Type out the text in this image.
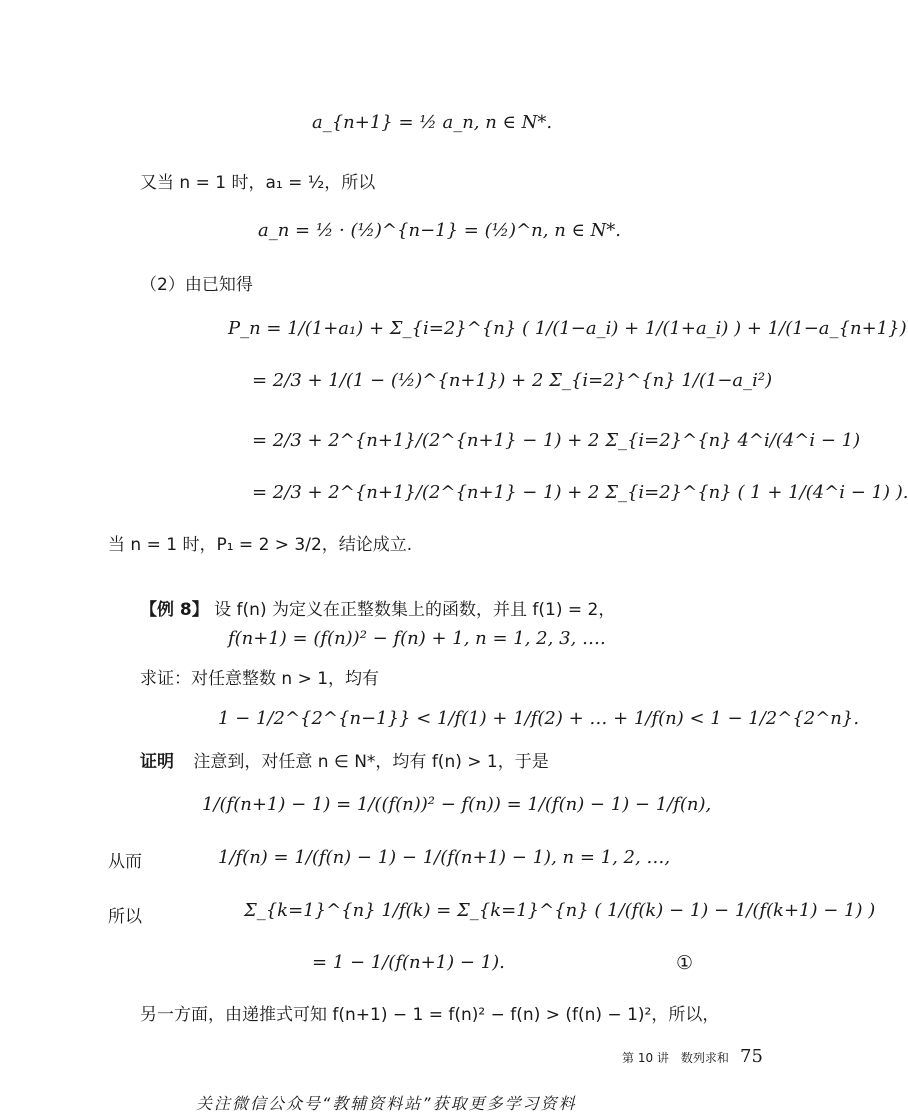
a_{n+1} = ½ a_n, n ∈ N*.
又当 n = 1 时，a₁ = ½，所以
a_n = ½ · (½)^{n−1} = (½)^n, n ∈ N*.
（2）由已知得
P_n = 1/(1+a₁) + Σ_{i=2}^{n} ( 1/(1−a_i) + 1/(1+a_i) ) + 1/(1−a_{n+1})
= 2/3 + 1/(1 − (½)^{n+1}) + 2 Σ_{i=2}^{n} 1/(1−a_i²)
= 2/3 + 2^{n+1}/(2^{n+1} − 1) + 2 Σ_{i=2}^{n} 4^i/(4^i − 1)
= 2/3 + 2^{n+1}/(2^{n+1} − 1) + 2 Σ_{i=2}^{n} ( 1 + 1/(4^i − 1) ).
当 n = 1 时，P₁ = 2 > 3/2，结论成立.
【例 8】 设 f(n) 为定义在正整数集上的函数，并且 f(1) = 2，
f(n+1) = (f(n))² − f(n) + 1, n = 1, 2, 3, ….
求证：对任意整数 n > 1，均有
1 − 1/2^{2^{n−1}} < 1/f(1) + 1/f(2) + … + 1/f(n) < 1 − 1/2^{2^n}.
证明 注意到，对任意 n ∈ N*，均有 f(n) > 1，于是
1/(f(n+1) − 1) = 1/((f(n))² − f(n)) = 1/(f(n) − 1) − 1/f(n),
从而	1/f(n) = 1/(f(n) − 1) − 1/(f(n+1) − 1), n = 1, 2, …,
所以	Σ_{k=1}^{n} 1/f(k) = Σ_{k=1}^{n} ( 1/(f(k) − 1) − 1/(f(k+1) − 1) )
= 1 − 1/(f(n+1) − 1).	①
另一方面，由递推式可知 f(n+1) − 1 = f(n)² − f(n) > (f(n) − 1)²，所以，
第 10 讲　数列求和 75
关注微信公众号“教辅资料站”获取更多学习资料
